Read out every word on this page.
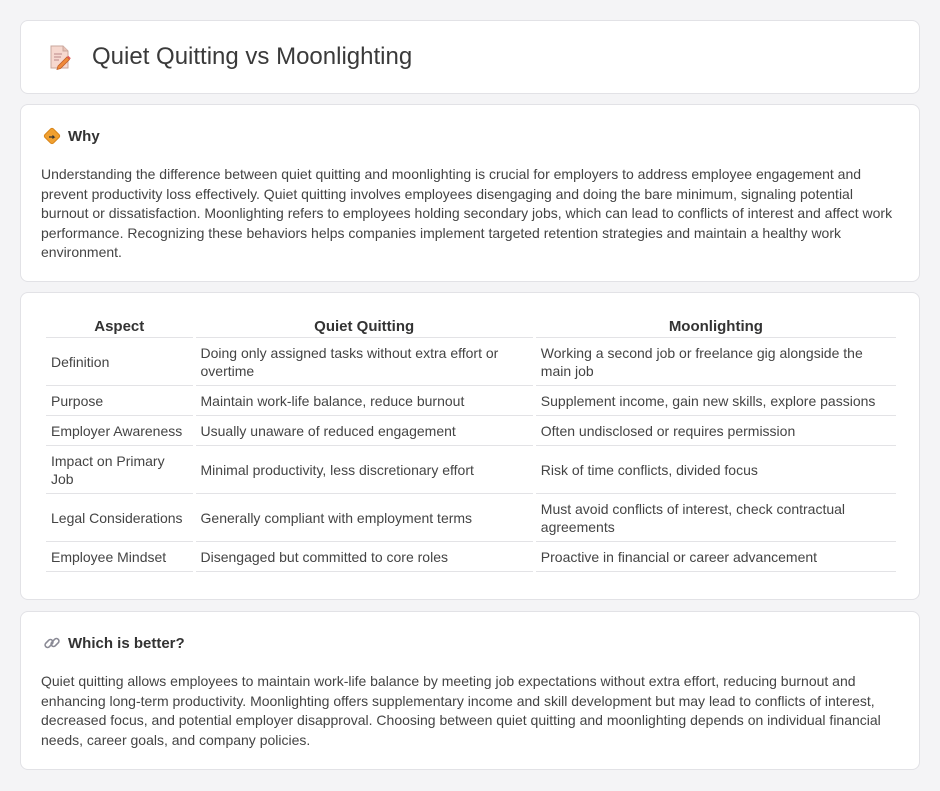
Quiet Quitting vs Moonlighting
Why

Understanding the difference between quiet quitting and moonlighting is crucial for employers to address employee engagement and prevent productivity loss effectively. Quiet quitting involves employees disengaging and doing the bare minimum, signaling potential burnout or dissatisfaction. Moonlighting refers to employees holding secondary jobs, which can lead to conflicts of interest and affect work performance. Recognizing these behaviors helps companies implement targeted retention strategies and maintain a healthy work environment.

Aspect	Quiet Quitting	Moonlighting
Definition	Doing only assigned tasks without extra effort or overtime	Working a second job or freelance gig alongside the main job
Purpose	Maintain work-life balance, reduce burnout	Supplement income, gain new skills, explore passions
Employer Awareness	Usually unaware of reduced engagement	Often undisclosed or requires permission
Impact on Primary Job	Minimal productivity, less discretionary effort	Risk of time conflicts, divided focus
Legal Considerations	Generally compliant with employment terms	Must avoid conflicts of interest, check contractual agreements
Employee Mindset	Disengaged but committed to core roles	Proactive in financial or career advancement
Which is better?

Quiet quitting allows employees to maintain work-life balance by meeting job expectations without extra effort, reducing burnout and enhancing long-term productivity. Moonlighting offers supplementary income and skill development but may lead to conflicts of interest, decreased focus, and potential employer disapproval. Choosing between quiet quitting and moonlighting depends on individual financial needs, career goals, and company policies.
